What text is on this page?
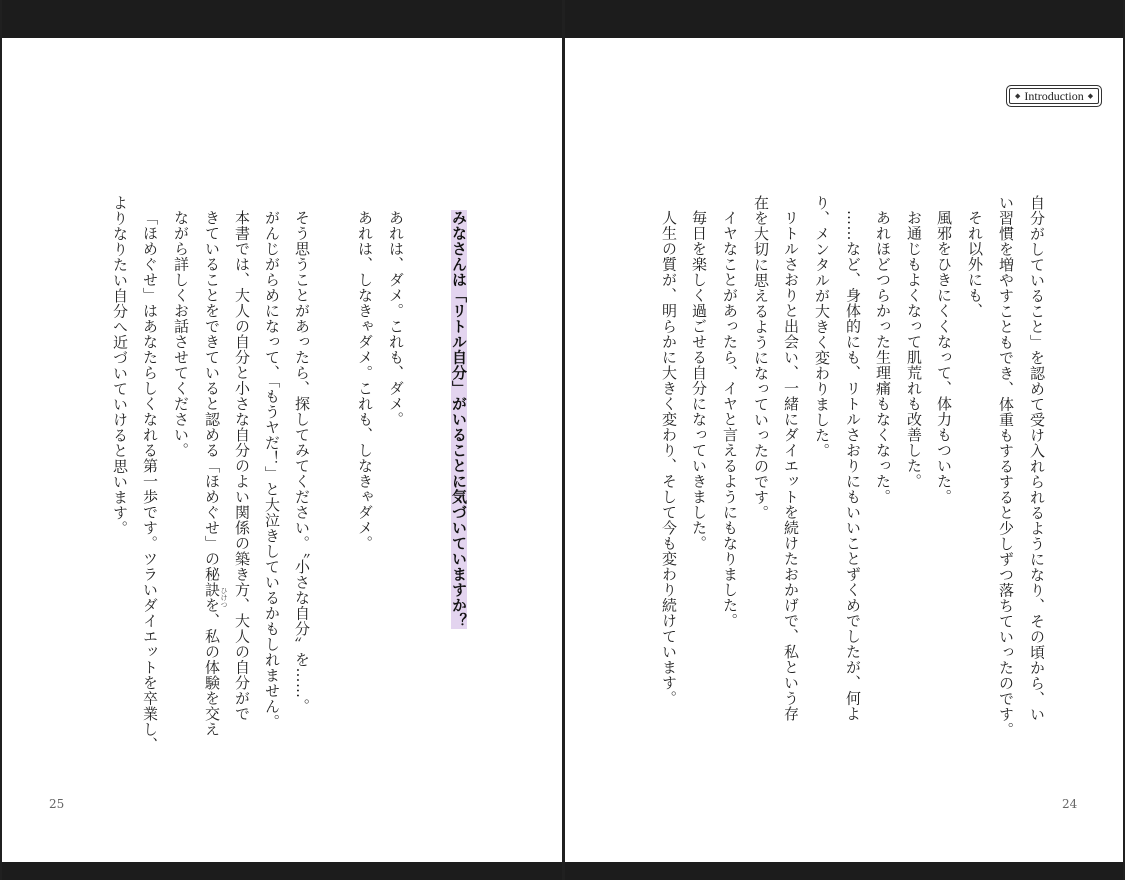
みなさんは「リトル自分」がいることに気づいていますか？
あれは、ダメ。これも、ダメ。
あれは、しなきゃダメ。これも、しなきゃダメ。
そう思うことがあったら、探してみてください。〝小さな自分〟を……。
がんじがらめになって、「もうヤだ！」と大泣きしているかもしれません。
本書では、大人の自分と小さな自分のよい関係の築き方、大人の自分がで
きていることをできていると認める「ほめぐせ」の秘訣を、私の体験を交え
ながら詳しくお話させてください。
「ほめぐせ」はあなたらしくなれる第一歩です。ツラいダイエットを卒業し、
よりなりたい自分へ近づいていけると思います。
ひけつ
25
◆ Introduction ◆
自分がしていること」を認めて受け入れられるようになり、その頃から、い
い習慣を増やすこともでき、体重もするすると少しずつ落ちていったのです。
それ以外にも、
風邪をひきにくくなって、体力もついた。
お通じもよくなって肌荒れも改善した。
あれほどつらかった生理痛もなくなった。
……など、身体的にも、リトルさおりにもいいことずくめでしたが、何よ
り、メンタルが大きく変わりました。
リトルさおりと出会い、一緒にダイエットを続けたおかげで、私という存
在を大切に思えるようになっていったのです。
イヤなことがあったら、イヤと言えるようにもなりました。
毎日を楽しく過ごせる自分になっていきました。
人生の質が、明らかに大きく変わり、そして今も変わり続けています。
24
